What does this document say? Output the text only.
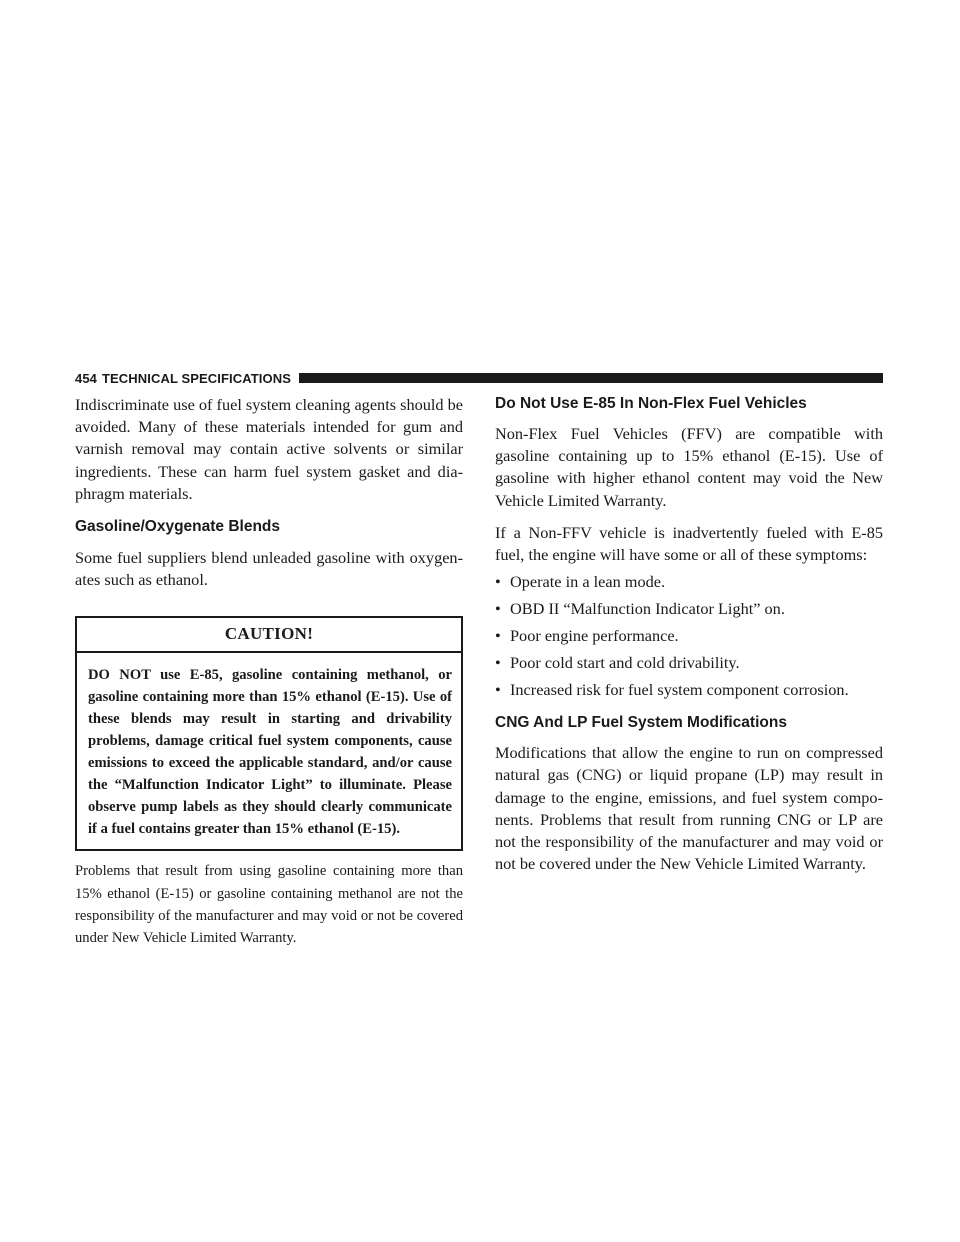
454 TECHNICAL SPECIFICATIONS

Indiscriminate use of fuel system cleaning agents should be avoided. Many of these materials intended for gum and varnish removal may contain active solvents or similar ingredients. These can harm fuel system gasket and dia-phragm materials.

Gasoline/Oxygenate Blends

Some fuel suppliers blend unleaded gasoline with oxygen-ates such as ethanol.

CAUTION!
DO NOT use E-85, gasoline containing methanol, or gasoline containing more than 15% ethanol (E-15). Use of these blends may result in starting and drivability problems, damage critical fuel system components, cause emissions to exceed the applicable standard, and/or cause the “Malfunction Indicator Light” to illuminate. Please observe pump labels as they should clearly communicate if a fuel contains greater than 15% ethanol (E-15).

Problems that result from using gasoline containing more than 15% ethanol (E-15) or gasoline containing methanol are not the responsibility of the manufacturer and may void or not be covered under New Vehicle Limited Warranty.

Do Not Use E-85 In Non-Flex Fuel Vehicles

Non-Flex Fuel Vehicles (FFV) are compatible with gasoline containing up to 15% ethanol (E-15). Use of gasoline with higher ethanol content may void the New Vehicle Limited Warranty.

If a Non-FFV vehicle is inadvertently fueled with E-85 fuel, the engine will have some or all of these symptoms:

• Operate in a lean mode.
• OBD II “Malfunction Indicator Light” on.
• Poor engine performance.
• Poor cold start and cold drivability.
• Increased risk for fuel system component corrosion.
CNG And LP Fuel System Modifications

Modifications that allow the engine to run on compressed natural gas (CNG) or liquid propane (LP) may result in damage to the engine, emissions, and fuel system compo-nents. Problems that result from running CNG or LP are not the responsibility of the manufacturer and may void or not be covered under the New Vehicle Limited Warranty.
